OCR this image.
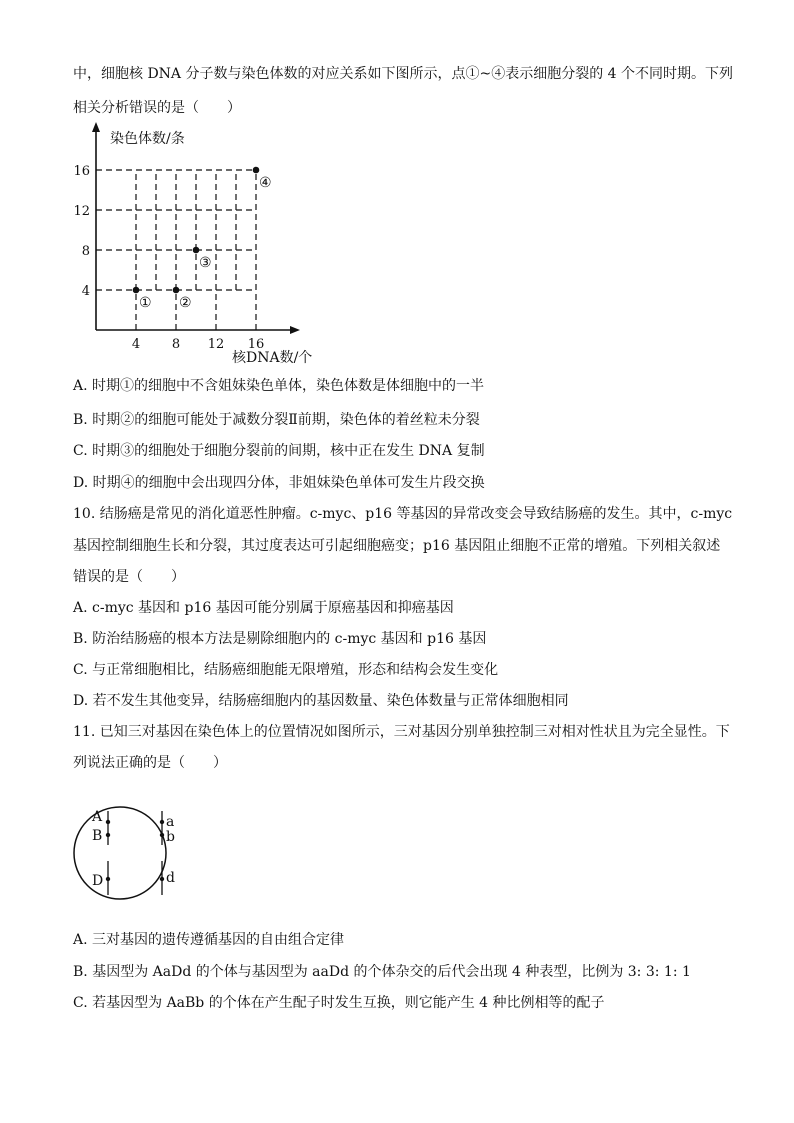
中，细胞核 DNA 分子数与染色体数的对应关系如下图所示，点①~④表示细胞分裂的 4 个不同时期。下列
相关分析错误的是（　　）
染色体数/条
核DNA数/个
4 8 12 16
4
8
12
16
① ②
③
④
A. 时期①的细胞中不含姐妹染色单体，染色体数是体细胞中的一半
B. 时期②的细胞可能处于减数分裂Ⅱ前期，染色体的着丝粒未分裂
C. 时期③的细胞处于细胞分裂前的间期，核中正在发生 DNA 复制
D. 时期④的细胞中会出现四分体，非姐妹染色单体可发生片段交换
10. 结肠癌是常见的消化道恶性肿瘤。c-myc、p16 等基因的异常改变会导致结肠癌的发生。其中，c-myc
基因控制细胞生长和分裂，其过度表达可引起细胞癌变；p16 基因阻止细胞不正常的增殖。下列相关叙述
错误的是（　　）
A. c-myc 基因和 p16 基因可能分别属于原癌基因和抑癌基因
B. 防治结肠癌的根本方法是剔除细胞内的 c-myc 基因和 p16 基因
C. 与正常细胞相比，结肠癌细胞能无限增殖，形态和结构会发生变化
D. 若不发生其他变异，结肠癌细胞内的基因数量、染色体数量与正常体细胞相同
11. 已知三对基因在染色体上的位置情况如图所示，三对基因分别单独控制三对相对性状且为完全显性。下
列说法正确的是（　　）
A
B
D
a
b
d
A. 三对基因的遗传遵循基因的自由组合定律
B. 基因型为 AaDd 的个体与基因型为 aaDd 的个体杂交的后代会出现 4 种表型，比例为 3: 3: 1: 1
C. 若基因型为 AaBb 的个体在产生配子时发生互换，则它能产生 4 种比例相等的配子
